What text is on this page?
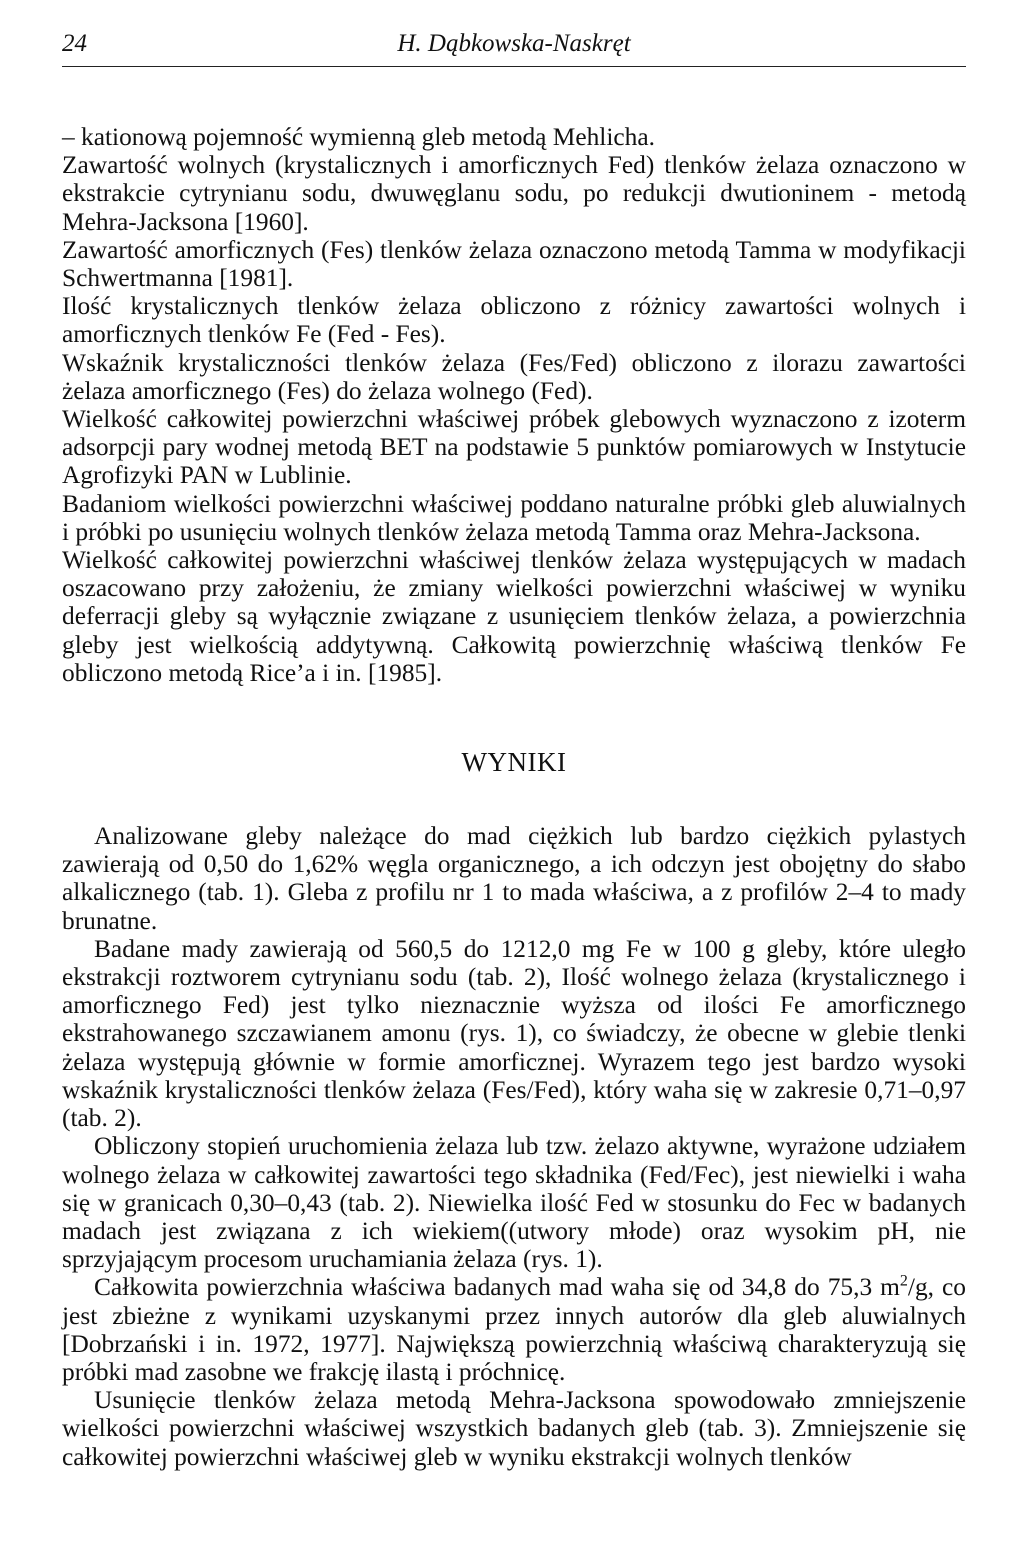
24	H. Dąbkowska-Naskręt

– kationową pojemność wymienną gleb metodą Mehlicha.

Zawartość wolnych (krystalicznych i amorficznych Fed) tlenków żelaza oznaczono w ekstrakcie cytrynianu sodu, dwuwęglanu sodu, po redukcji dwutioninem - metodą Mehra-Jacksona [1960].

Zawartość amorficznych (Fes) tlenków żelaza oznaczono metodą Tamma w modyfikacji Schwertmanna [1981].

Ilość krystalicznych tlenków żelaza obliczono z różnicy zawartości wolnych i amorficznych tlenków Fe (Fed - Fes).

Wskaźnik krystaliczności tlenków żelaza (Fes/Fed) obliczono z ilorazu zawartości żelaza amorficznego (Fes) do żelaza wolnego (Fed).

Wielkość całkowitej powierzchni właściwej próbek glebowych wyznaczono z izoterm adsorpcji pary wodnej metodą BET na podstawie 5 punktów pomiarowych w Instytucie Agrofizyki PAN w Lublinie.

Badaniom wielkości powierzchni właściwej poddano naturalne próbki gleb aluwialnych i próbki po usunięciu wolnych tlenków żelaza metodą Tamma oraz Mehra-Jacksona.

Wielkość całkowitej powierzchni właściwej tlenków żelaza występujących w madach oszacowano przy założeniu, że zmiany wielkości powierzchni właściwej w wyniku deferracji gleby są wyłącznie związane z usunięciem tlenków żelaza, a powierzchnia gleby jest wielkością addytywną. Całkowitą powierzchnię właściwą tlenków Fe obliczono metodą Rice’a i in. [1985].

WYNIKI

Analizowane gleby należące do mad ciężkich lub bardzo ciężkich pylastych zawierają od 0,50 do 1,62% węgla organicznego, a ich odczyn jest obojętny do słabo alkalicznego (tab. 1). Gleba z profilu nr 1 to mada właściwa, a z profilów 2–4 to mady brunatne.

Badane mady zawierają od 560,5 do 1212,0 mg Fe w 100 g gleby, które uległo ekstrakcji roztworem cytrynianu sodu (tab. 2), Ilość wolnego żelaza (krystalicznego i amorficznego Fed) jest tylko nieznacznie wyższa od ilości Fe amorficznego ekstrahowanego szczawianem amonu (rys. 1), co świadczy, że obecne w glebie tlenki żelaza występują głównie w formie amorficznej. Wyrazem tego jest bardzo wysoki wskaźnik krystaliczności tlenków żelaza (Fes/Fed), który waha się w zakresie 0,71–0,97 (tab. 2).

Obliczony stopień uruchomienia żelaza lub tzw. żelazo aktywne, wyrażone udziałem wolnego żelaza w całkowitej zawartości tego składnika (Fed/Fec), jest niewielki i waha się w granicach 0,30–0,43 (tab. 2). Niewielka ilość Fed w stosunku do Fec w badanych madach jest związana z ich wiekiem((utwory młode) oraz wysokim pH, nie sprzyjającym procesom uruchamiania żelaza (rys. 1).

Całkowita powierzchnia właściwa badanych mad waha się od 34,8 do 75,3 $m^2/g$, co jest zbieżne z wynikami uzyskanymi przez innych autorów dla gleb aluwialnych [Dobrzański i in. 1972, 1977]. Największą powierzchnią właściwą charakteryzują się próbki mad zasobne we frakcję ilastą i próchnicę.

Usunięcie tlenków żelaza metodą Mehra-Jacksona spowodowało zmniejszenie wielkości powierzchni właściwej wszystkich badanych gleb (tab. 3). Zmniejszenie się całkowitej powierzchni właściwej gleb w wyniku ekstrakcji wolnych tlenków
